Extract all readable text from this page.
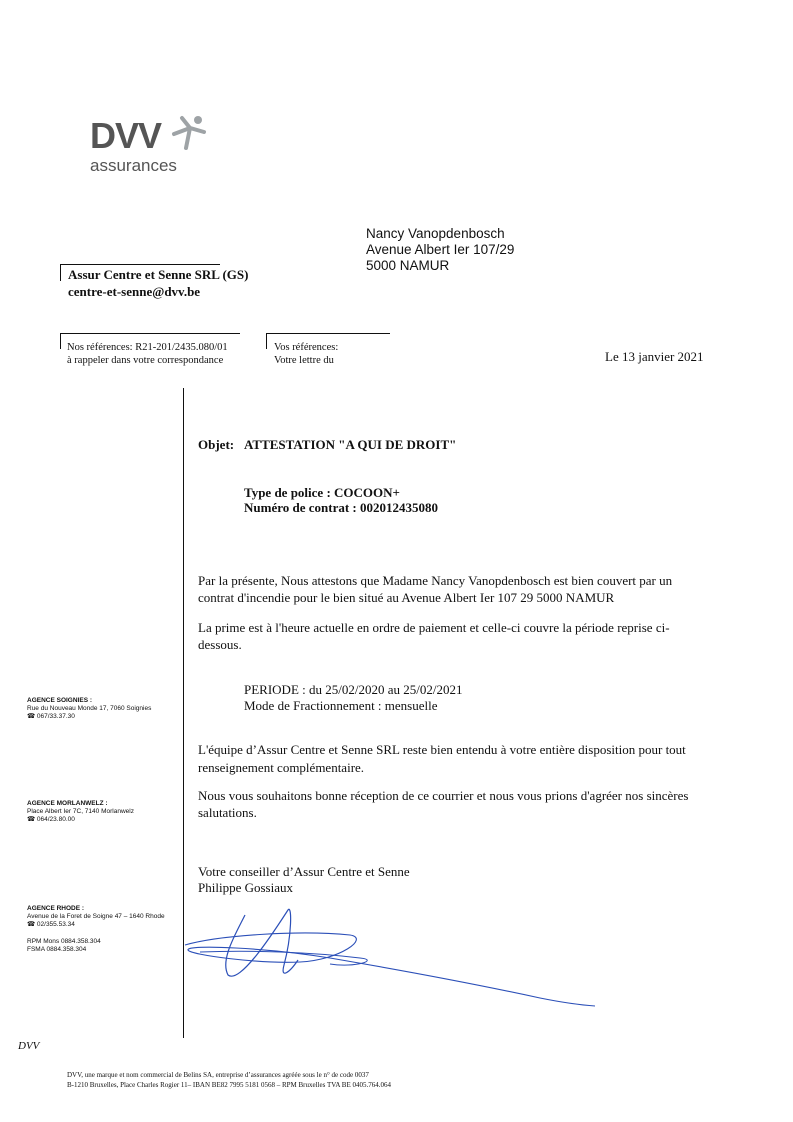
DVV
assurances
Nancy Vanopdenbosch
Avenue Albert Ier 107/29
5000 NAMUR
Assur Centre et Senne SRL (GS)
centre-et-senne@dvv.be
Nos références: R21-201/2435.080/01
à rappeler dans votre correspondance
Vos références:
Votre lettre du	Le 13 janvier 2021
Objet: ATTESTATION "A QUI DE DROIT"
Type de police : COCOON+
Numéro de contrat : 002012435080
Par la présente, Nous attestons que Madame Nancy Vanopdenbosch est bien couvert par un
contrat d'incendie pour le bien situé au Avenue Albert Ier 107 29 5000 NAMUR
La prime est à l'heure actuelle en ordre de paiement et celle-ci couvre la période reprise ci-
dessous.
PERIODE : du 25/02/2020 au 25/02/2021
Mode de Fractionnement : mensuelle
L'équipe d’Assur Centre et Senne SRL reste bien entendu à votre entière disposition pour tout
renseignement complémentaire.
Nous vous souhaitons bonne réception de ce courrier et nous vous prions d'agréer nos sincères
salutations.
Votre conseiller d’Assur Centre et Senne
Philippe Gossiaux
AGENCE SOIGNIES :
Rue du Nouveau Monde 17, 7060 Soignies
☎ 067/33.37.30
AGENCE MORLANWELZ :
Place Albert Ier 7C, 7140 Morlanwelz
☎ 064/23.80.00
AGENCE RHODE :
Avenue de la Foret de Soigne 47 – 1640 Rhode
☎ 02/355.53.34
RPM Mons 0884.358.304
FSMA 0884.358.304
DVV
DVV, une marque et nom commercial de Belins SA, entreprise d’assurances agréée sous le n° de code 0037
B-1210 Bruxelles, Place Charles Rogier 11– IBAN BE82 7995 5181 0568 – RPM Bruxelles TVA BE 0405.764.064
